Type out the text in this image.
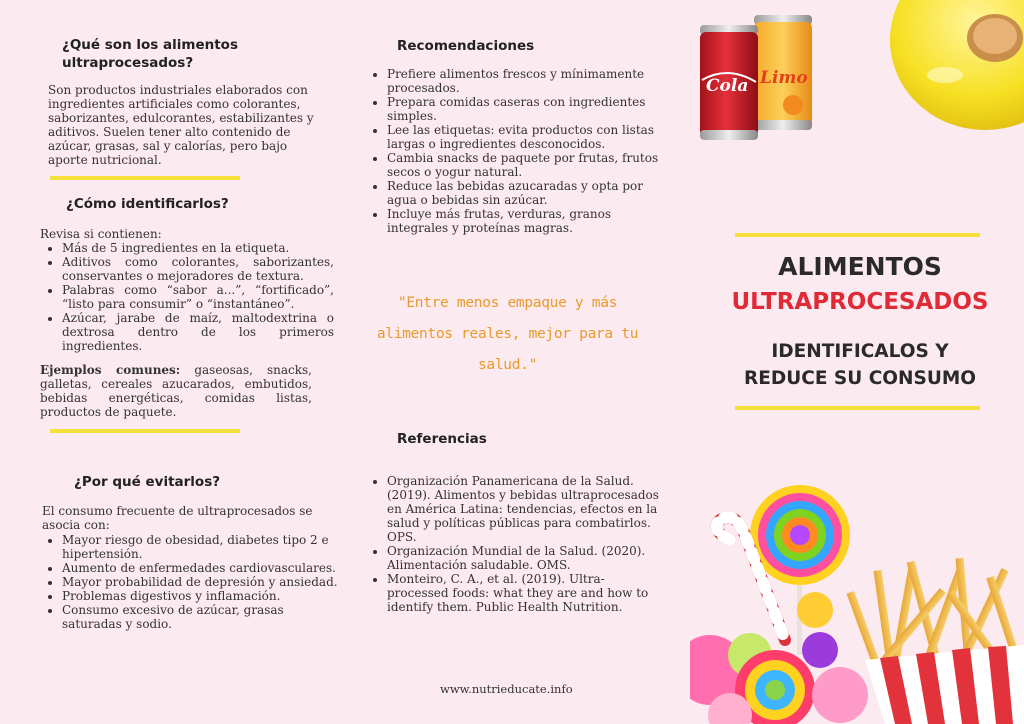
¿Qué son los alimentos ultraprocesados?
Son productos industriales elaborados con ingredientes artificiales como colorantes, saborizantes, edulcorantes, estabilizantes y aditivos. Suelen tener alto contenido de azúcar, grasas, sal y calorías, pero bajo aporte nutricional.
¿Cómo identificarlos?
Revisa si contienen:
• Más de 5 ingredientes en la etiqueta.
• Aditivos como colorantes, saborizantes, conservantes o mejoradores de textura.
• Palabras como “sabor a...”, “fortificado”, “listo para consumir” o “instantáneo”.
• Azúcar, jarabe de maíz, maltodextrina o dextrosa dentro de los primeros ingredientes.
Ejemplos comunes: gaseosas, snacks, galletas, cereales azucarados, embutidos, bebidas energéticas, comidas listas, productos de paquete.
¿Por qué evitarlos?
El consumo frecuente de ultraprocesados se asocia con:
• Mayor riesgo de obesidad, diabetes tipo 2 e hipertensión.
• Aumento de enfermedades cardiovasculares.
• Mayor probabilidad de depresión y ansiedad.
• Problemas digestivos y inflamación.
• Consumo excesivo de azúcar, grasas saturadas y sodio.
Recomendaciones
• Prefiere alimentos frescos y mínimamente procesados.
• Prepara comidas caseras con ingredientes simples.
• Lee las etiquetas: evita productos con listas largas o ingredientes desconocidos.
• Cambia snacks de paquete por frutas, frutos secos o yogur natural.
• Reduce las bebidas azucaradas y opta por agua o bebidas sin azúcar.
• Incluye más frutas, verduras, granos integrales y proteínas magras.
Referencias
• Organización Panamericana de la Salud. (2019). Alimentos y bebidas ultraprocesados en América Latina: tendencias, efectos en la salud y políticas públicas para combatirlos. OPS.
• Organización Mundial de la Salud. (2020). Alimentación saludable. OMS.
• Monteiro, C. A., et al. (2019). Ultra-processed foods: what they are and how to identify them. Public Health Nutrition.
"Entre menos empaque y más alimentos reales, mejor para tu salud."
www.nutrieducate.info
Cola Limo
ALIMENTOS
ULTRAPROCESADOS
IDENTIFICALOS Y
REDUCE SU CONSUMO
